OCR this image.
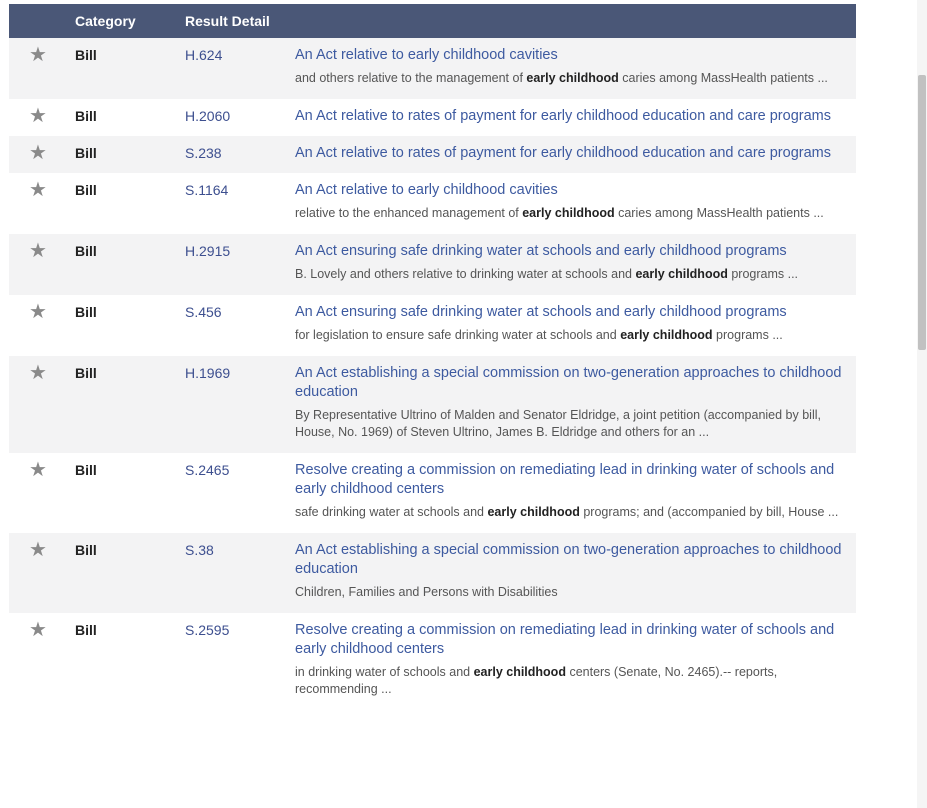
	Category	Result Detail	
★	Bill	H.624	An Act relative to early childhood cavities
and others relative to the management of early childhood caries among MassHealth patients ...

★	Bill	H.2060	An Act relative to rates of payment for early childhood education and care programs

★	Bill	S.238	An Act relative to rates of payment for early childhood education and care programs

★	Bill	S.1164	An Act relative to early childhood cavities
relative to the enhanced management of early childhood caries among MassHealth patients ...

★	Bill	H.2915	An Act ensuring safe drinking water at schools and early childhood programs
B. Lovely and others relative to drinking water at schools and early childhood programs ...

★	Bill	S.456	An Act ensuring safe drinking water at schools and early childhood programs
for legislation to ensure safe drinking water at schools and early childhood programs ...

★	Bill	H.1969	An Act establishing a special commission on two-generation approaches to childhood education
By Representative Ultrino of Malden and Senator Eldridge, a joint petition (accompanied by bill, House, No. 1969) of Steven Ultrino, James B. Eldridge and others for an ...

★	Bill	S.2465	Resolve creating a commission on remediating lead in drinking water of schools and early childhood centers
safe drinking water at schools and early childhood programs; and (accompanied by bill, House ...

★	Bill	S.38	An Act establishing a special commission on two-generation approaches to childhood education
Children, Families and Persons with Disabilities

★	Bill	S.2595	Resolve creating a commission on remediating lead in drinking water of schools and early childhood centers
in drinking water of schools and early childhood centers (Senate, No. 2465).-- reports, recommending ...
